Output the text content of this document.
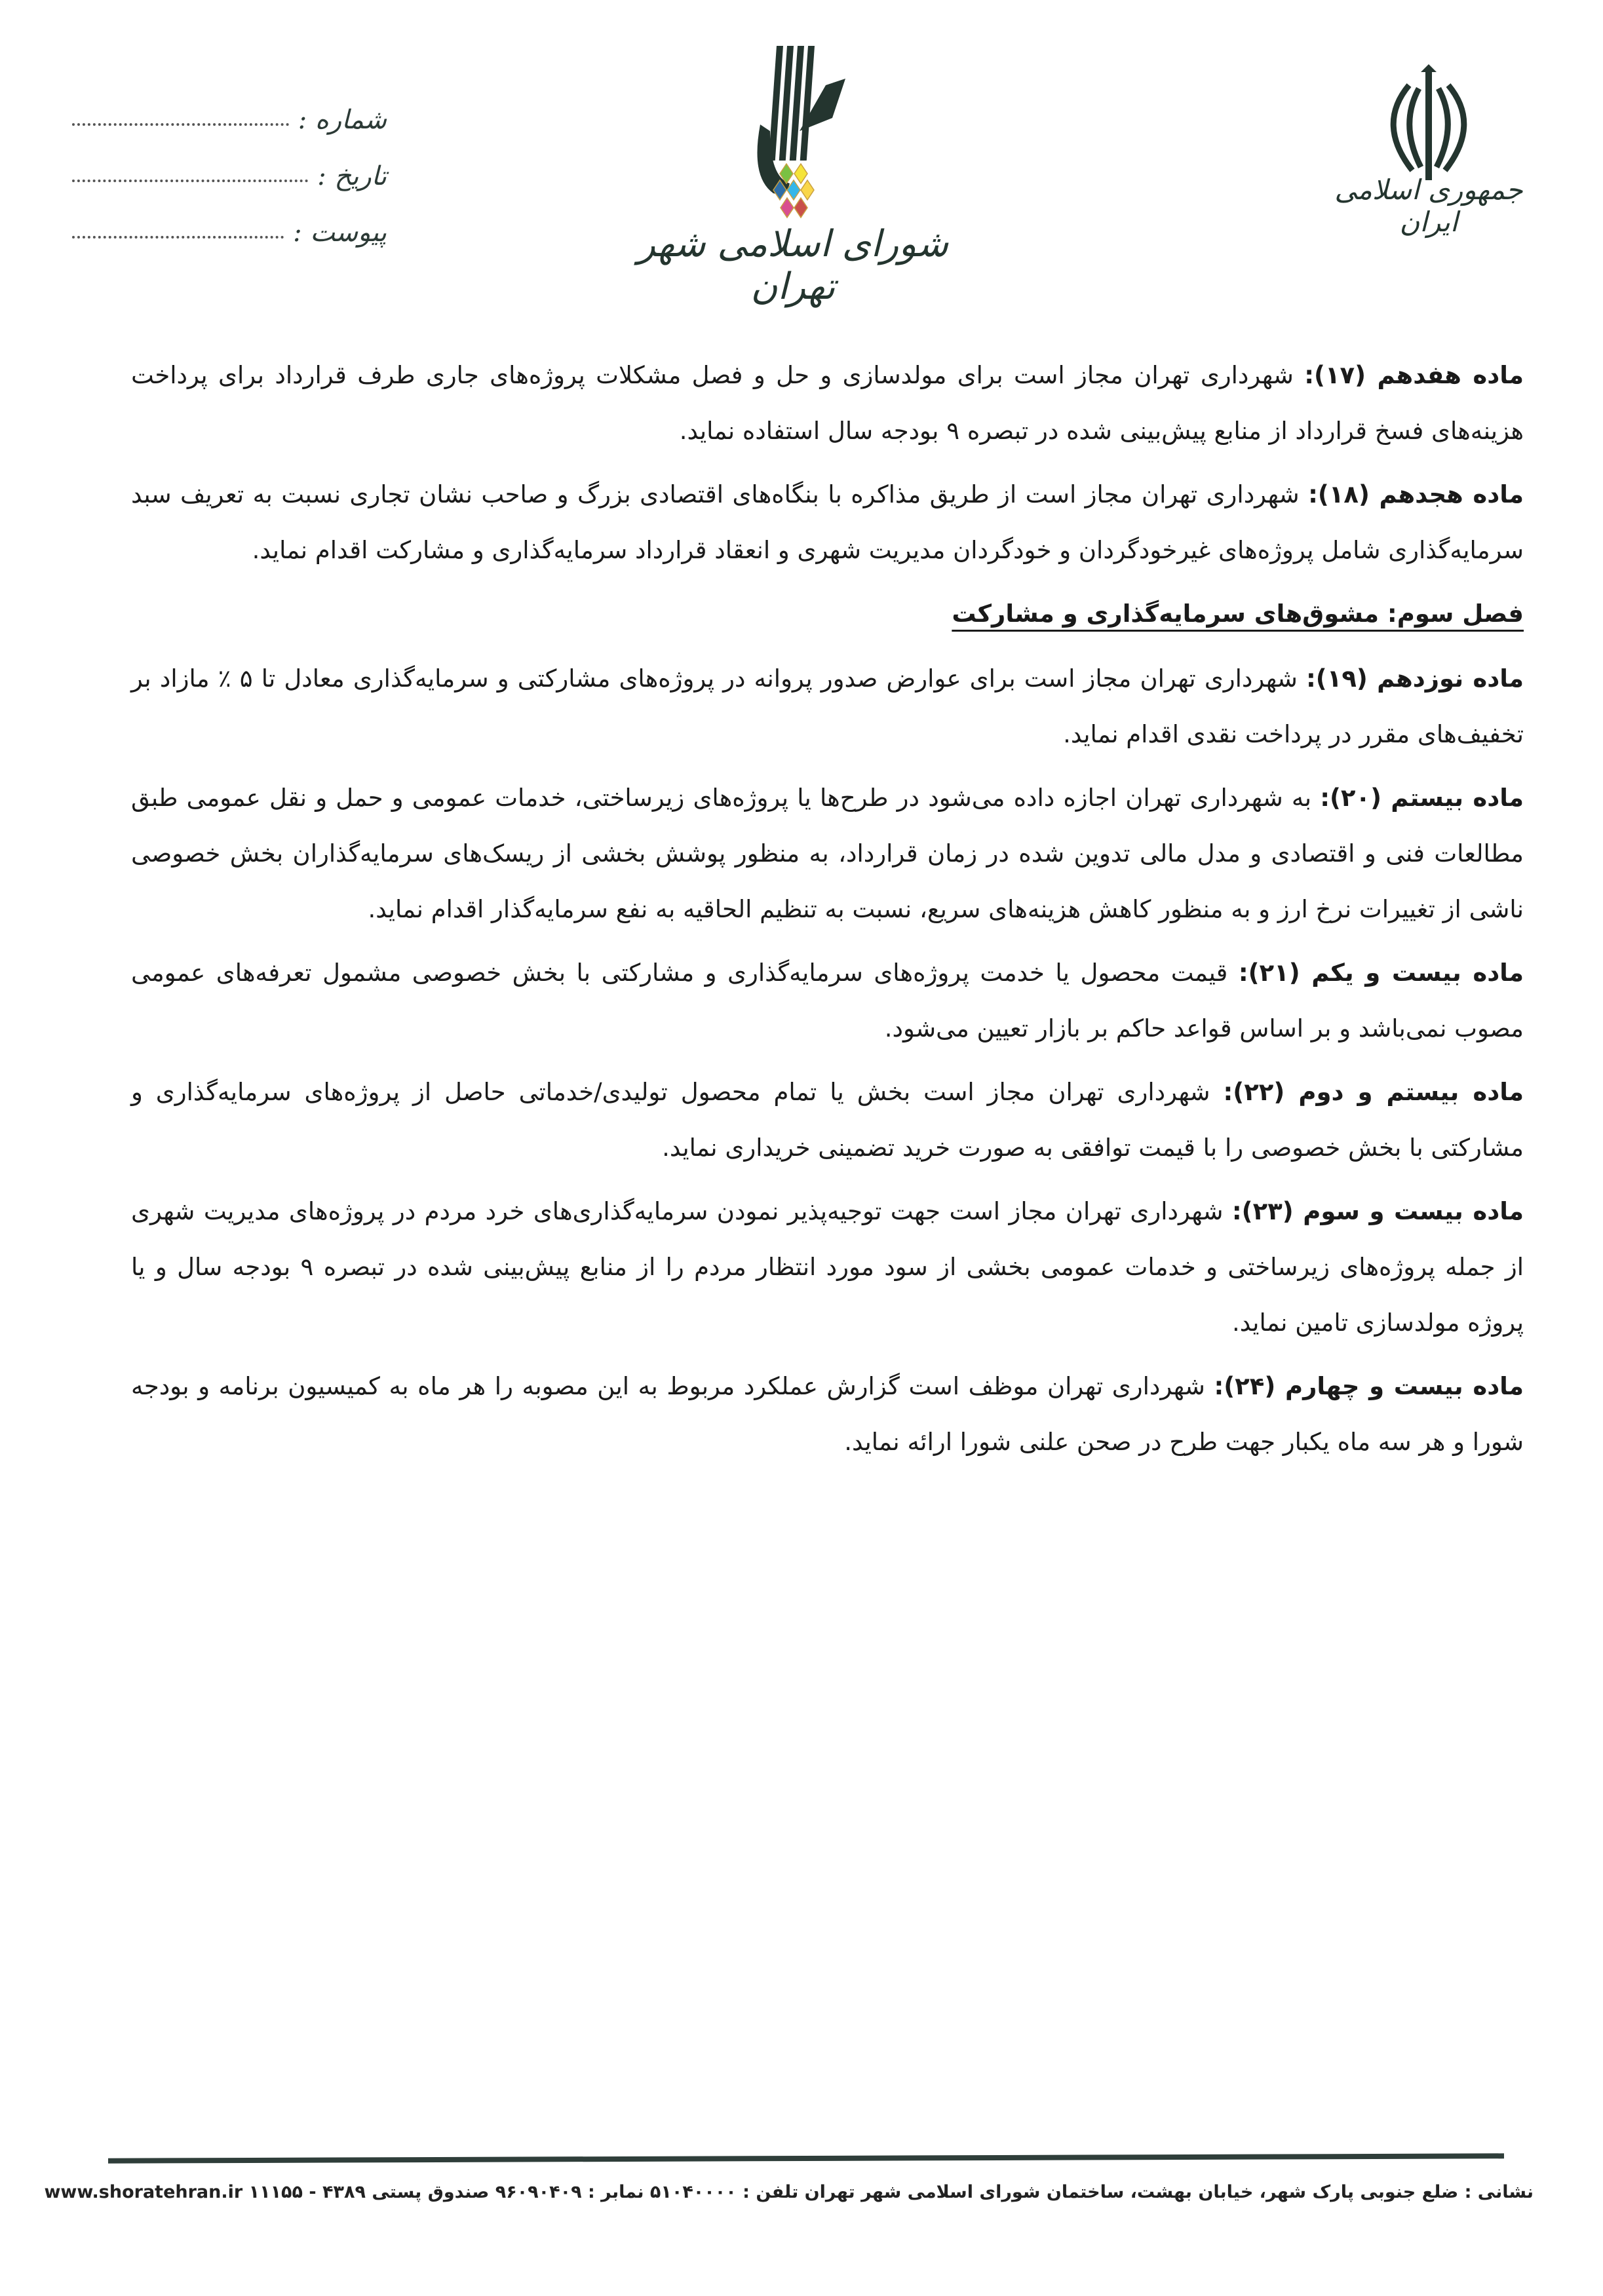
شماره :
تاریخ :
پیوست :	شورای اسلامی شهر تهران
جمهوری اسلامی ایران

ماده هفدهم (۱۷): شهرداری تهران مجاز است برای مولدسازی و حل و فصل مشکلات پروژه‌های جاری طرف قرارداد برای پرداخت هزینه‌های فسخ قرارداد از منابع پیش‌بینی شده در تبصره ۹ بودجه سال استفاده نماید.

ماده هجدهم (۱۸): شهرداری تهران مجاز است از طریق مذاکره با بنگاه‌های اقتصادی بزرگ و صاحب نشان تجاری نسبت به تعریف سبد سرمایه‌گذاری شامل پروژه‌های غیرخودگردان و خودگردان مدیریت شهری و انعقاد قرارداد سرمایه‌گذاری و مشارکت اقدام نماید.

فصل سوم: مشوق‌های سرمایه‌گذاری و مشارکت

ماده نوزدهم (۱۹): شهرداری تهران مجاز است برای عوارض صدور پروانه در پروژه‌های مشارکتی و سرمایه‌گذاری معادل تا ۵ ٪ مازاد بر تخفیف‌های مقرر در پرداخت نقدی اقدام نماید.

ماده بیستم (۲۰): به شهرداری تهران اجازه داده می‌شود در طرح‌ها یا پروژه‌های زیرساختی، خدمات عمومی و حمل و نقل عمومی طبق مطالعات فنی و اقتصادی و مدل مالی تدوین شده در زمان قرارداد، به منظور پوشش بخشی از ریسک‌های سرمایه‌گذاران بخش خصوصی ناشی از تغییرات نرخ ارز و به منظور کاهش هزینه‌های سریع، نسبت به تنظیم الحاقیه به نفع سرمایه‌گذار اقدام نماید.

ماده بیست و یکم (۲۱): قیمت محصول یا خدمت پروژه‌های سرمایه‌گذاری و مشارکتی با بخش خصوصی مشمول تعرفه‌های عمومی مصوب نمی‌باشد و بر اساس قواعد حاکم بر بازار تعیین می‌شود.

ماده بیستم و دوم (۲۲): شهرداری تهران مجاز است بخش یا تمام محصول تولیدی/خدماتی حاصل از پروژه‌های سرمایه‌گذاری و مشارکتی با بخش خصوصی را با قیمت توافقی به صورت خرید تضمینی خریداری نماید.

ماده بیست و سوم (۲۳): شهرداری تهران مجاز است جهت توجیه‌پذیر نمودن سرمایه‌گذاری‌های خرد مردم در پروژه‌های مدیریت شهری از جمله پروژه‌های زیرساختی و خدمات عمومی بخشی از سود مورد انتظار مردم را از منابع پیش‌بینی شده در تبصره ۹ بودجه سال و یا پروژه مولدسازی تامین نماید.

ماده بیست و چهارم (۲۴): شهرداری تهران موظف است گزارش عملکرد مربوط به این مصوبه را هر ماه به کمیسیون برنامه و بودجه شورا و هر سه ماه یکبار جهت طرح در صحن علنی شورا ارائه نماید.

نشانی : ضلع جنوبی پارک شهر، خیابان بهشت، ساختمان شورای اسلامی شهر تهران تلفن : ۵۱۰۴۰۰۰۰ نمابر : ۹۶۰۹۰۴۰۹ صندوق پستی ۴۳۸۹ - ۱۱۱۵۵ www.shoratehran.ir
